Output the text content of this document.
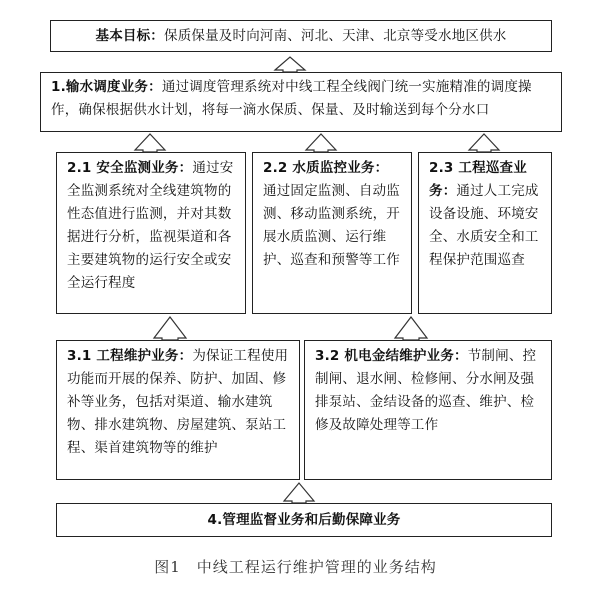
基本目标：保质保量及时向河南、河北、天津、北京等受水地区供水
1.输水调度业务：通过调度管理系统对中线工程全线阀门统一实施精准的调度操作，确保根据供水计划，将每一滴水保质、保量、及时输送到每个分水口
2.1 安全监测业务：通过安全监测系统对全线建筑物的性态值进行监测，并对其数据进行分析，监视渠道和各主要建筑物的运行安全或安全运行程度
2.2 水质监控业务：通过固定监测、自动监测、移动监测系统，开展水质监测、运行维护、巡查和预警等工作
2.3 工程巡查业务：通过人工完成设备设施、环境安全、水质安全和工程保护范围巡查
3.1 工程维护业务：为保证工程使用功能而开展的保养、防护、加固、修补等业务，包括对渠道、输水建筑物、排水建筑物、房屋建筑、泵站工程、渠首建筑物等的维护
3.2 机电金结维护业务：节制闸、控制闸、退水闸、检修闸、分水闸及强排泵站、金结设备的巡查、维护、检修及故障处理等工作
4.管理监督业务和后勤保障业务
图1　中线工程运行维护管理的业务结构
